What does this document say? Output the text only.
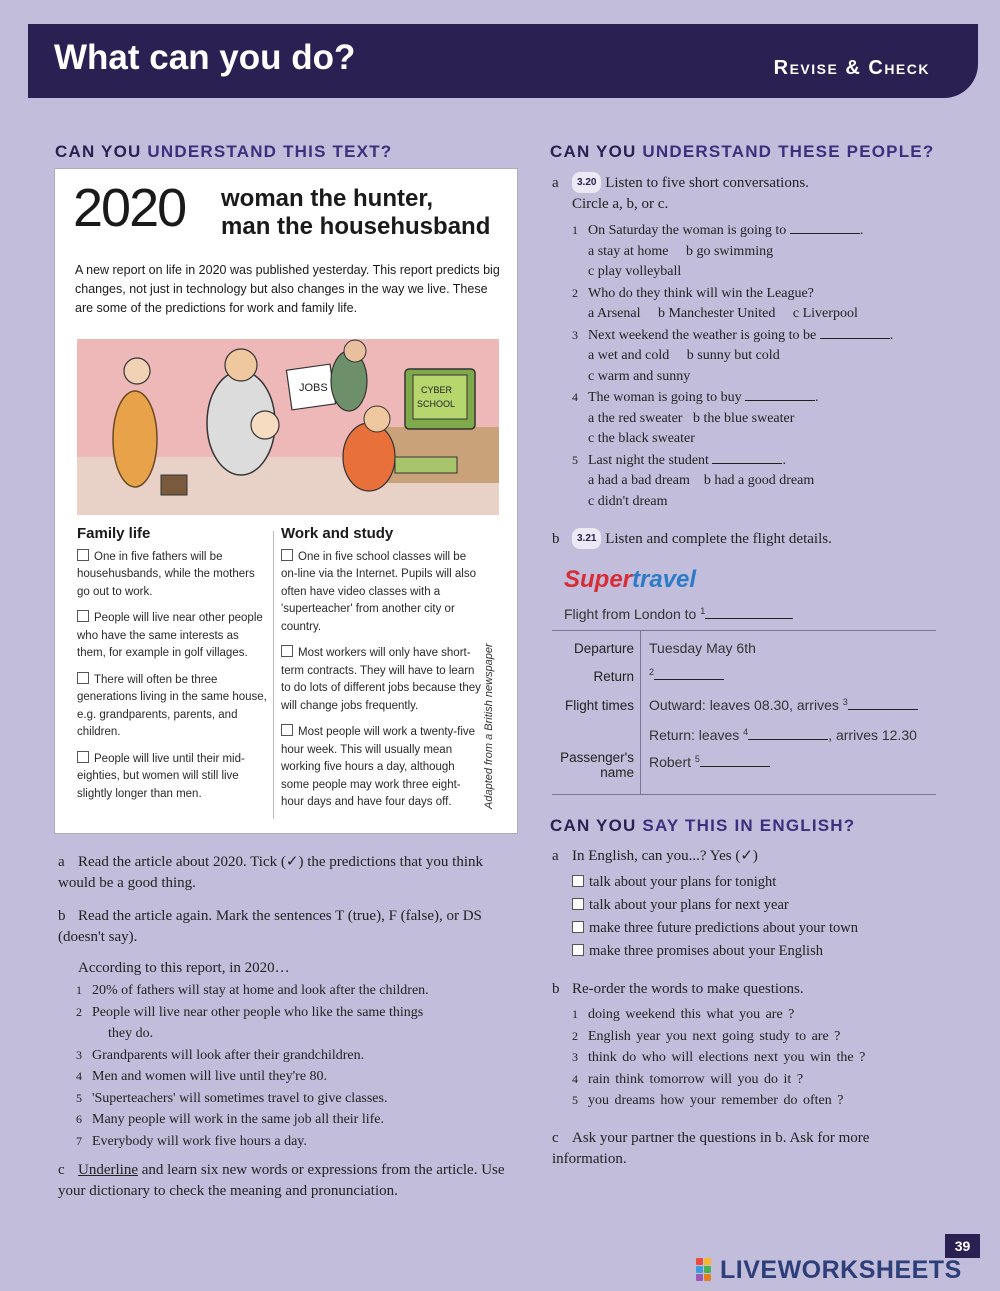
What can you do?	Revise & Check
CAN YOU UNDERSTAND THIS TEXT?
2020 woman the hunter,
man the househusband
A new report on life in 2020 was published yesterday. This report predicts big changes, not just in technology but also changes in the way we live. These are some of the predictions for work and family life.
JOBS	CYBER
SCHOOL
Family life
One in five fathers will be househusbands, while the mothers go out to work.
People will live near other people who have the same interests as them, for example in golf villages.
There will often be three generations living in the same house, e.g. grandparents, parents, and children.
People will live until their mid-eighties, but women will still live slightly longer than men.
Work and study
One in five school classes will be on-line via the Internet. Pupils will also often have video classes with a 'superteacher' from another city or country.
Most workers will only have short-term contracts. They will have to learn to do lots of different jobs because they will change jobs frequently.
Most people will work a twenty-five hour week. This will usually mean working five hours a day, although some people may work three eight-hour days and have four days off.	Adapted from a British newspaper
a Read the article about 2020. Tick (✓) the predictions that you think would be a good thing.
b Read the article again. Mark the sentences T (true), F (false), or DS (doesn't say).
According to this report, in 2020…
1 20% of fathers will stay at home and look after the children.
2 People will live near other people who like the same things
they do.
3 Grandparents will look after their grandchildren.
4 Men and women will live until they're 80.
5 'Superteachers' will sometimes travel to give classes.
6 Many people will work in the same job all their life.
7 Everybody will work five hours a day.
c Underline and learn six new words or expressions from the article. Use your dictionary to check the meaning and pronunciation.
CAN YOU UNDERSTAND THESE PEOPLE?
a 3.20 Listen to five short conversations.
Circle a, b, or c.
1 On Saturday the woman is going to	.
a stay at home b go swimming
c play volleyball
2 Who do they think will win the League?
a Arsenal b Manchester United c Liverpool
3 Next weekend the weather is going to be	.
a wet and cold b sunny but cold
c warm and sunny
4 The woman is going to buy	.
a the red sweater b the blue sweater
c the black sweater
5 Last night the student	.
a had a bad dream b had a good dream
c didn't dream
b 3.21 Listen and complete the flight details.
Supertravel
Flight from London to $^1$
Departure Tuesday May 6th
Return $^2$
Flight times Outward: leaves 08.30, arrives $^3$
Return: leaves $^4$	, arrives 12.30
Passenger's name
Robert $^5$
CAN YOU SAY THIS IN ENGLISH?
a In English, can you...? Yes (✓)
talk about your plans for tonight
talk about your plans for next year
make three future predictions about your town
make three promises about your English
b Re-order the words to make questions.
1 doing weekend this what you are ?
2 English year you next going study to are ?
3 think do who will elections next you win the ?
4 rain think tomorrow will you do it ?
5 you dreams how your remember do often ?
c Ask your partner the questions in b. Ask for more information.
39
LIVEWORKSHEETS
